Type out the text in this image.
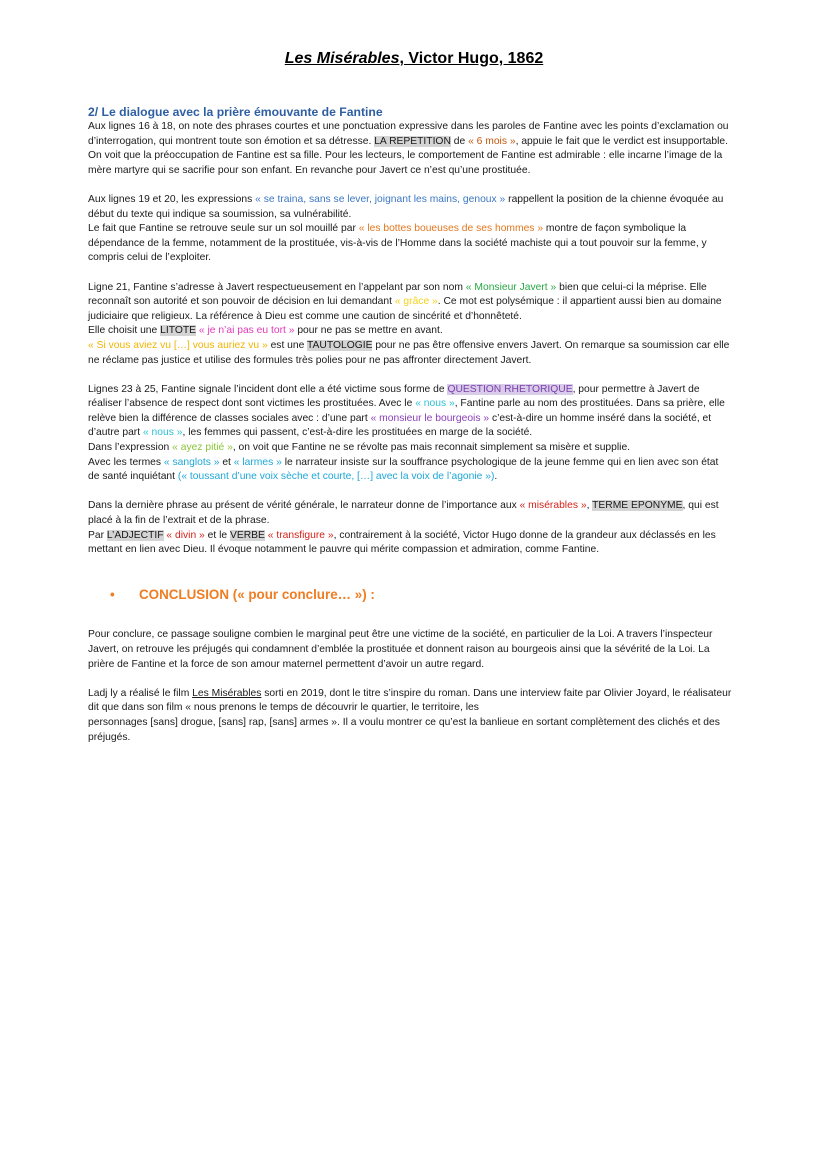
Les Misérables, Victor Hugo, 1862
2/ Le dialogue avec la prière émouvante de Fantine

Aux lignes 16 à 18, on note des phrases courtes et une ponctuation expressive dans les paroles de Fantine avec les points d’exclamation ou d’interrogation, qui montrent toute son émotion et sa détresse. LA REPETITION de « 6 mois », appuie le fait que le verdict est insupportable. On voit que la préoccupation de Fantine est sa fille. Pour les lecteurs, le comportement de Fantine est admirable : elle incarne l’image de la mère martyre qui se sacrifie pour son enfant. En revanche pour Javert ce n’est qu’une prostituée.

Aux lignes 19 et 20, les expressions « se traina, sans se lever, joignant les mains, genoux » rappellent la position de la chienne évoquée au début du texte qui indique sa soumission, sa vulnérabilité.

Le fait que Fantine se retrouve seule sur un sol mouillé par « les bottes boueuses de ses hommes » montre de façon symbolique la dépendance de la femme, notamment de la prostituée, vis-à-vis de l’Homme dans la société machiste qui a tout pouvoir sur la femme, y compris celui de l’exploiter.

Ligne 21, Fantine s’adresse à Javert respectueusement en l’appelant par son nom « Monsieur Javert » bien que celui-ci la méprise. Elle reconnaît son autorité et son pouvoir de décision en lui demandant « grâce ». Ce mot est polysémique : il appartient aussi bien au domaine judiciaire que religieux. La référence à Dieu est comme une caution de sincérité et d’honnêteté.

Elle choisit une LITOTE « je n’ai pas eu tort » pour ne pas se mettre en avant.

« Si vous aviez vu […] vous auriez vu » est une TAUTOLOGIE pour ne pas être offensive envers Javert. On remarque sa soumission car elle ne réclame pas justice et utilise des formules très polies pour ne pas affronter directement Javert.

Lignes 23 à 25, Fantine signale l’incident dont elle a été victime sous forme de QUESTION RHETORIQUE, pour permettre à Javert de réaliser l’absence de respect dont sont victimes les prostituées. Avec le « nous », Fantine parle au nom des prostituées. Dans sa prière, elle relève bien la différence de classes sociales avec : d’une part « monsieur le bourgeois » c’est-à-dire un homme inséré dans la société, et d’autre part « nous », les femmes qui passent, c’est-à-dire les prostituées en marge de la société.

Dans l’expression « ayez pitié », on voit que Fantine ne se révolte pas mais reconnait simplement sa misère et supplie.

Avec les termes « sanglots » et « larmes » le narrateur insiste sur la souffrance psychologique de la jeune femme qui en lien avec son état de santé inquiétant (« toussant d’une voix sèche et courte, […] avec la voix de l’agonie »).

Dans la dernière phrase au présent de vérité générale, le narrateur donne de l’importance aux « misérables », TERME EPONYME, qui est placé à la fin de l’extrait et de la phrase.

Par L’ADJECTIF « divin » et le VERBE « transfigure », contrairement à la société, Victor Hugo donne de la grandeur aux déclassés en les mettant en lien avec Dieu. Il évoque notamment le pauvre qui mérite compassion et admiration, comme Fantine.

• CONCLUSION (« pour conclure… ») :

Pour conclure, ce passage souligne combien le marginal peut être une victime de la société, en particulier de la Loi. A travers l’inspecteur Javert, on retrouve les préjugés qui condamnent d’emblée la prostituée et donnent raison au bourgeois ainsi que la sévérité de la Loi. La prière de Fantine et la force de son amour maternel permettent d’avoir un autre regard.

Ladj ly a réalisé le film Les Misérables sorti en 2019, dont le titre s’inspire du roman. Dans une interview faite par Olivier Joyard, le réalisateur dit que dans son film « nous prenons le temps de découvrir le quartier, le territoire, les
personnages [sans] drogue, [sans] rap, [sans] armes ». Il a voulu montrer ce qu’est la banlieue en sortant complètement des clichés et des préjugés.
